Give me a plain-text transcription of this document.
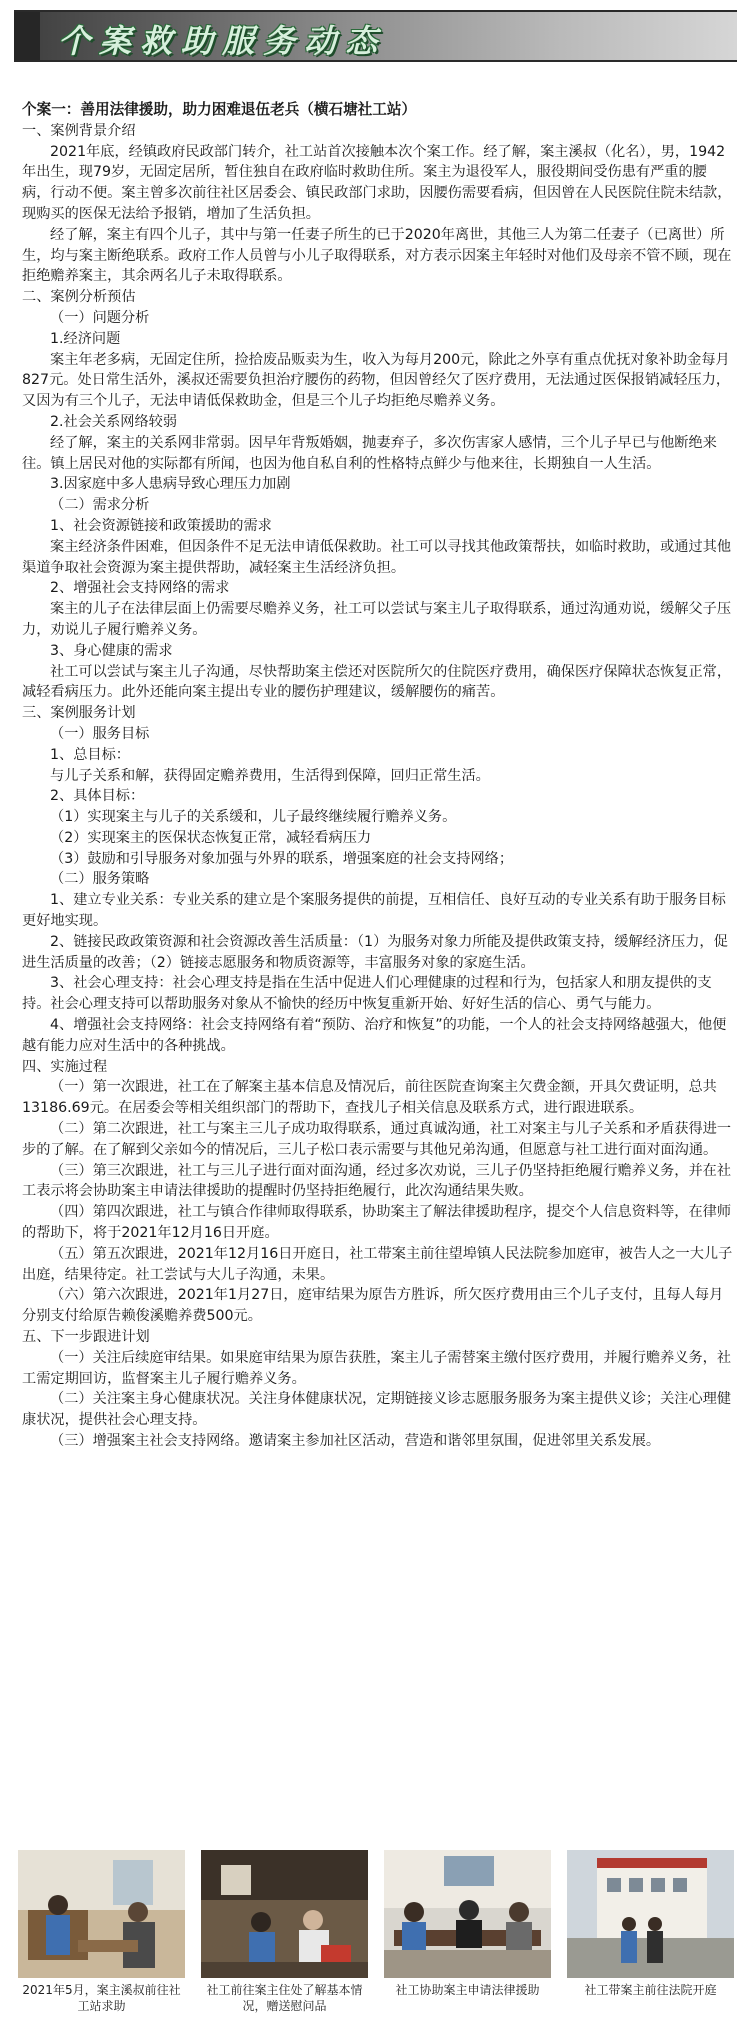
个案救助服务动态

个案一：善用法律援助，助力困难退伍老兵（横石塘社工站）

一、案例背景介绍

2021年底，经镇政府民政部门转介，社工站首次接触本次个案工作。经了解，案主溪叔（化名），男，1942年出生，现79岁，无固定居所，暂住独自在政府临时救助住所。案主为退役军人，服役期间受伤患有严重的腰病，行动不便。案主曾多次前往社区居委会、镇民政部门求助，因腰伤需要看病，但因曾在人民医院住院未结款，现购买的医保无法给予报销，增加了生活负担。

经了解，案主有四个儿子，其中与第一任妻子所生的已于2020年离世，其他三人为第二任妻子（已离世）所生，均与案主断绝联系。政府工作人员曾与小儿子取得联系，对方表示因案主年轻时对他们及母亲不管不顾，现在拒绝赡养案主，其余两名儿子未取得联系。

二、案例分析预估

（一）问题分析

1.经济问题

案主年老多病，无固定住所，捡拾废品贩卖为生，收入为每月200元，除此之外享有重点优抚对象补助金每月827元。处日常生活外，溪叔还需要负担治疗腰伤的药物，但因曾经欠了医疗费用，无法通过医保报销减轻压力，又因为有三个儿子，无法申请低保救助金，但是三个儿子均拒绝尽赡养义务。

2.社会关系网络较弱

经了解，案主的关系网非常弱。因早年背叛婚姻，抛妻弃子，多次伤害家人感情，三个儿子早已与他断绝来往。镇上居民对他的实际都有所闻，也因为他自私自利的性格特点鲜少与他来往，长期独自一人生活。

3.因家庭中多人患病导致心理压力加剧

（二）需求分析

1、社会资源链接和政策援助的需求

案主经济条件困难，但因条件不足无法申请低保救助。社工可以寻找其他政策帮扶，如临时救助，或通过其他渠道争取社会资源为案主提供帮助，减轻案主生活经济负担。

2、增强社会支持网络的需求

案主的儿子在法律层面上仍需要尽赡养义务，社工可以尝试与案主儿子取得联系，通过沟通劝说，缓解父子压力，劝说儿子履行赡养义务。

3、身心健康的需求

社工可以尝试与案主儿子沟通，尽快帮助案主偿还对医院所欠的住院医疗费用，确保医疗保障状态恢复正常，减轻看病压力。此外还能向案主提出专业的腰伤护理建议，缓解腰伤的痛苦。

三、案例服务计划

（一）服务目标

1、总目标：

与儿子关系和解，获得固定赡养费用，生活得到保障，回归正常生活。

2、具体目标：

（1）实现案主与儿子的关系缓和，儿子最终继续履行赡养义务。

（2）实现案主的医保状态恢复正常，减轻看病压力

（3）鼓励和引导服务对象加强与外界的联系，增强案庭的社会支持网络；

（二）服务策略

1、建立专业关系：专业关系的建立是个案服务提供的前提，互相信任、良好互动的专业关系有助于服务目标更好地实现。

2、链接民政政策资源和社会资源改善生活质量：（1）为服务对象力所能及提供政策支持，缓解经济压力，促进生活质量的改善；（2）链接志愿服务和物质资源等，丰富服务对象的家庭生活。

3、社会心理支持：社会心理支持是指在生活中促进人们心理健康的过程和行为，包括家人和朋友提供的支持。社会心理支持可以帮助服务对象从不愉快的经历中恢复重新开始、好好生活的信心、勇气与能力。

4、增强社会支持网络：社会支持网络有着“预防、治疗和恢复”的功能，一个人的社会支持网络越强大，他便越有能力应对生活中的各种挑战。

四、实施过程

（一）第一次跟进，社工在了解案主基本信息及情况后，前往医院查询案主欠费金额，开具欠费证明，总共13186.69元。在居委会等相关组织部门的帮助下，查找儿子相关信息及联系方式，进行跟进联系。

（二）第二次跟进，社工与案主三儿子成功取得联系，通过真诚沟通，社工对案主与儿子关系和矛盾获得进一步的了解。在了解到父亲如今的情况后，三儿子松口表示需要与其他兄弟沟通，但愿意与社工进行面对面沟通。

（三）第三次跟进，社工与三儿子进行面对面沟通，经过多次劝说，三儿子仍坚持拒绝履行赡养义务，并在社工表示将会协助案主申请法律援助的提醒时仍坚持拒绝履行，此次沟通结果失败。

（四）第四次跟进，社工与镇合作律师取得联系，协助案主了解法律援助程序，提交个人信息资料等，在律师的帮助下，将于2021年12月16日开庭。

（五）第五次跟进，2021年12月16日开庭日，社工带案主前往望埠镇人民法院参加庭审，被告人之一大儿子出庭，结果待定。社工尝试与大儿子沟通，未果。

（六）第六次跟进，2021年1月27日，庭审结果为原告方胜诉，所欠医疗费用由三个儿子支付，且每人每月分别支付给原告赖俊溪赡养费500元。

五、下一步跟进计划

（一）关注后续庭审结果。如果庭审结果为原告获胜，案主儿子需替案主缴付医疗费用，并履行赡养义务，社工需定期回访，监督案主儿子履行赡养义务。

（二）关注案主身心健康状况。关注身体健康状况，定期链接义诊志愿服务服务为案主提供义诊；关注心理健康状况，提供社会心理支持。

（三）增强案主社会支持网络。邀请案主参加社区活动，营造和谐邻里氛围，促进邻里关系发展。

2021年5月，案主溪叔前往社工站求助
社工前往案主住处了解基本情况，赠送慰问品
社工协助案主申请法律援助	社工带案主前往法院开庭
